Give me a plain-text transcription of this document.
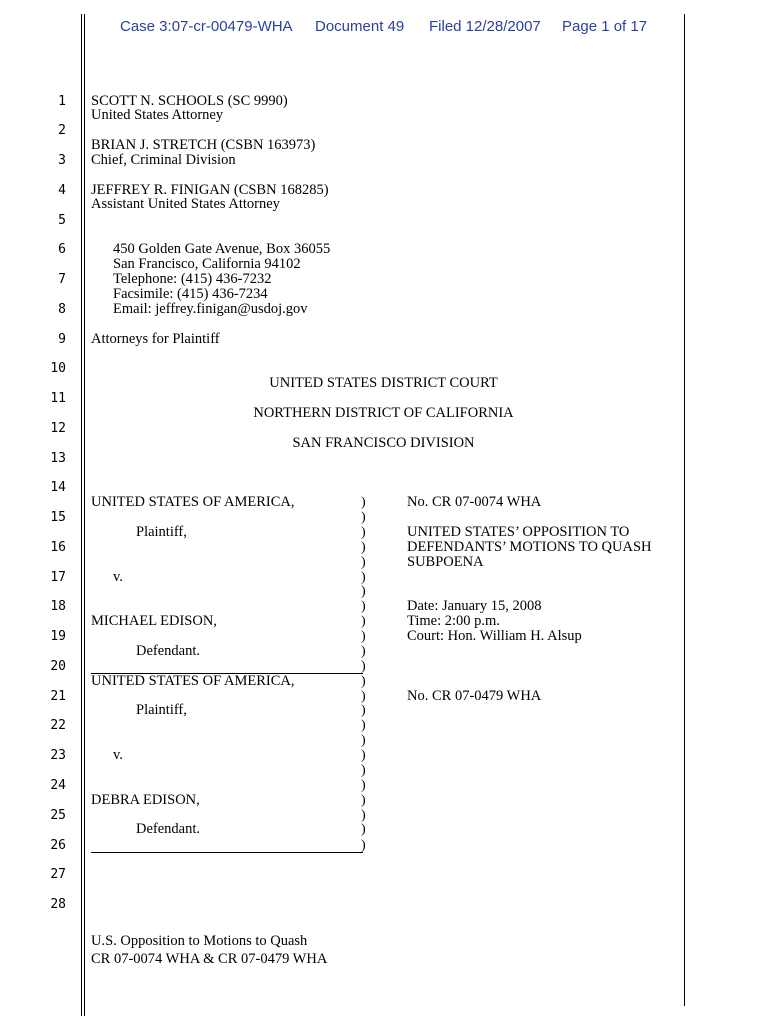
Case 3:07-cr-00479-WHA Document 49 Filed 12/28/2007 Page 1 of 17
1
2
3
4
5
6
7
8
9
10
11
12
13
14
15
16
17
18
19
20
21
22
23
24
25
26
27
28
SCOTT N. SCHOOLS (SC 9990)
United States Attorney
BRIAN J. STRETCH (CSBN 163973)
Chief, Criminal Division
JEFFREY R. FINIGAN (CSBN 168285)
Assistant United States Attorney
450 Golden Gate Avenue, Box 36055
San Francisco, California 94102
Telephone: (415) 436-7232
Facsimile: (415) 436-7234
Email: jeffrey.finigan@usdoj.gov
Attorneys for Plaintiff
UNITED STATES DISTRICT COURT
NORTHERN DISTRICT OF CALIFORNIA
SAN FRANCISCO DIVISION
UNITED STATES OF AMERICA,
Plaintiff,
v.
MICHAEL EDISON,
Defendant.
No. CR 07-0074 WHA
UNITED STATES’ OPPOSITION TO
DEFENDANTS’ MOTIONS TO QUASH
SUBPOENA
Date: January 15, 2008
Time: 2:00 p.m.
Court: Hon. William H. Alsup
UNITED STATES OF AMERICA,
Plaintiff,
v.
DEBRA EDISON,
Defendant.
No. CR 07-0479 WHA
)
)
)
)
)
)
)
)
)
)
)
)
)
)
)
)
)
)
)
)
)
)
)
)
U.S. Opposition to Motions to Quash
CR 07-0074 WHA & CR 07-0479 WHA
